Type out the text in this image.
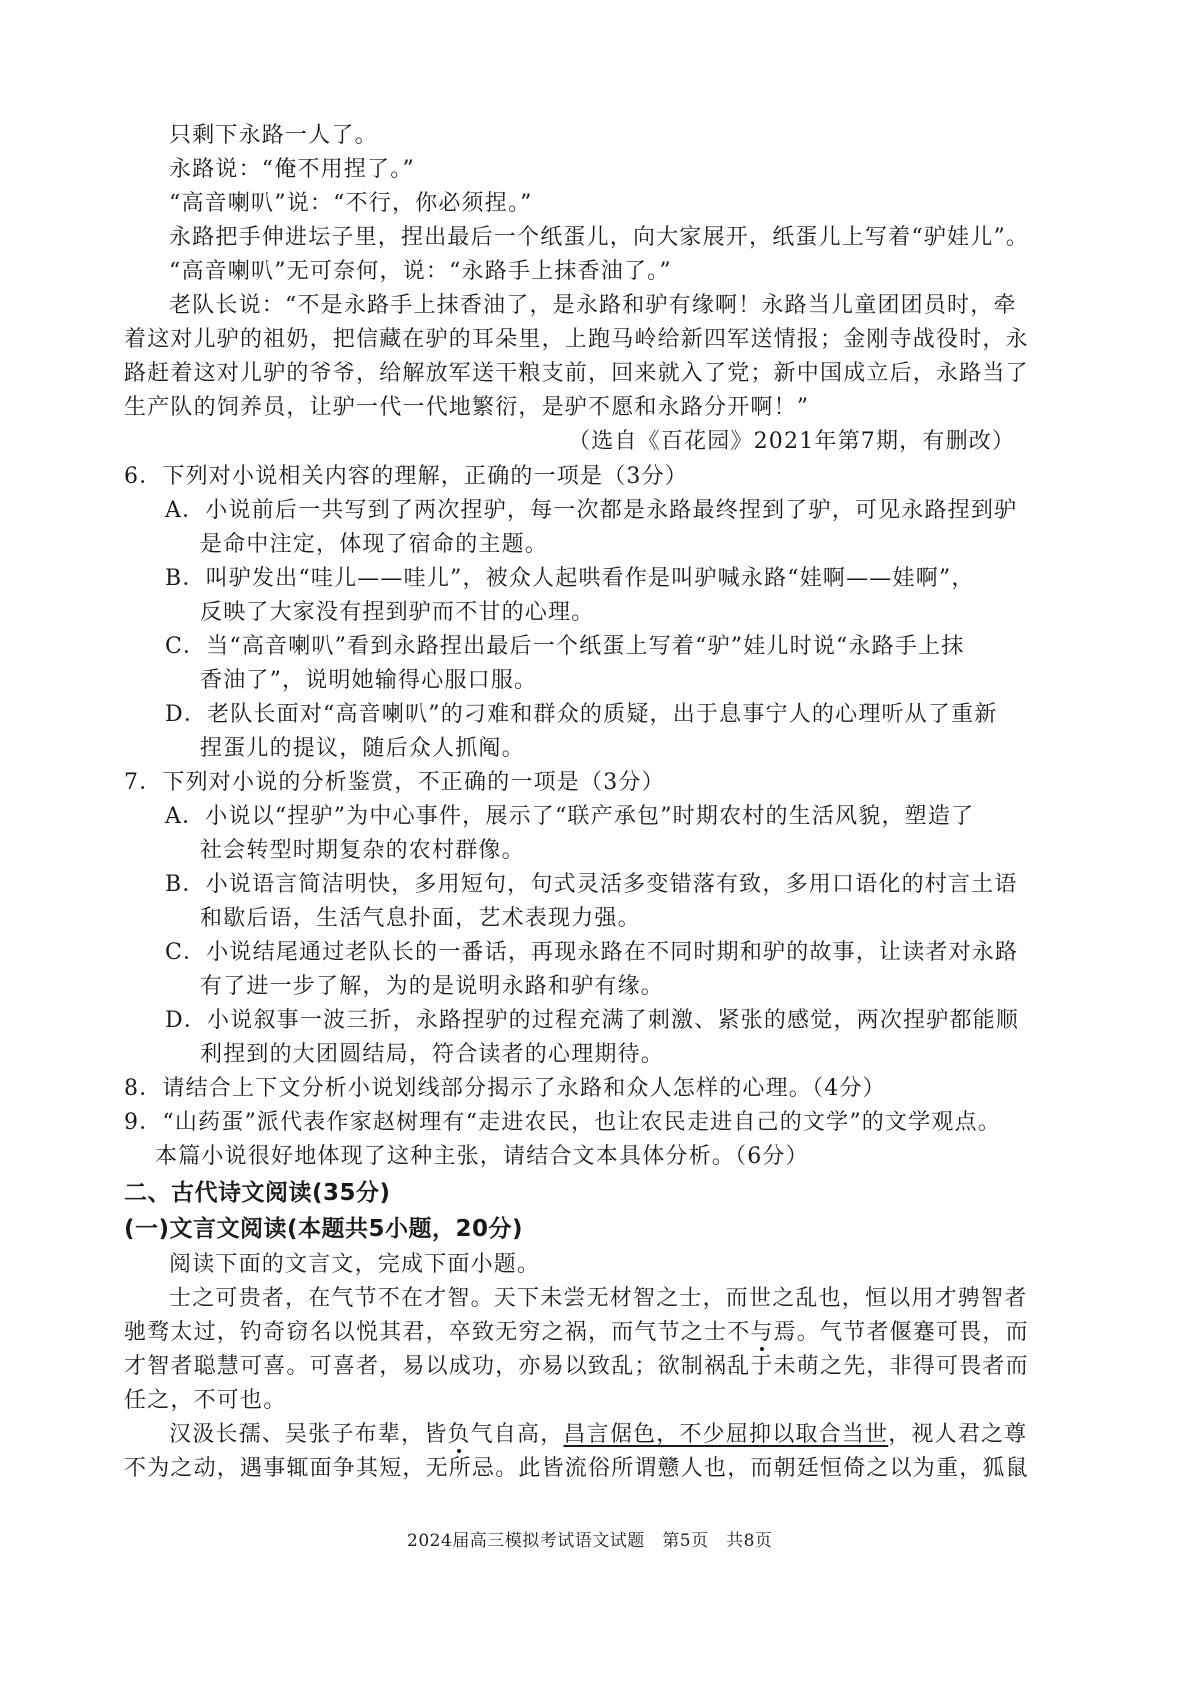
只剩下永路一人了。
永路说：“俺不用捏了。”
“高音喇叭”说：“不行，你必须捏。”
永路把手伸进坛子里，捏出最后一个纸蛋儿，向大家展开，纸蛋儿上写着“驴娃儿”。
“高音喇叭”无可奈何，说：“永路手上抹香油了。”
老队长说：“不是永路手上抹香油了，是永路和驴有缘啊！永路当儿童团团员时，牵
着这对儿驴的祖奶，把信藏在驴的耳朵里，上跑马岭给新四军送情报；金刚寺战役时，永
路赶着这对儿驴的爷爷，给解放军送干粮支前，回来就入了党；新中国成立后，永路当了
生产队的饲养员，让驴一代一代地繁衍，是驴不愿和永路分开啊！”
（选自《百花园》2021年第7期，有删改）
6．下列对小说相关内容的理解，正确的一项是（3分）
A．小说前后一共写到了两次捏驴，每一次都是永路最终捏到了驴，可见永路捏到驴
是命中注定，体现了宿命的主题。
B．叫驴发出“哇儿——哇儿”，被众人起哄看作是叫驴喊永路“娃啊——娃啊”，
反映了大家没有捏到驴而不甘的心理。
C．当“高音喇叭”看到永路捏出最后一个纸蛋上写着“驴”娃儿时说“永路手上抹
香油了”，说明她输得心服口服。
D．老队长面对“高音喇叭”的刁难和群众的质疑，出于息事宁人的心理听从了重新
捏蛋儿的提议，随后众人抓阄。
7．下列对小说的分析鉴赏，不正确的一项是（3分）
A．小说以“捏驴”为中心事件，展示了“联产承包”时期农村的生活风貌，塑造了
社会转型时期复杂的农村群像。
B．小说语言简洁明快，多用短句，句式灵活多变错落有致，多用口语化的村言土语
和歇后语，生活气息扑面，艺术表现力强。
C．小说结尾通过老队长的一番话，再现永路在不同时期和驴的故事，让读者对永路
有了进一步了解，为的是说明永路和驴有缘。
D．小说叙事一波三折，永路捏驴的过程充满了刺激、紧张的感觉，两次捏驴都能顺
利捏到的大团圆结局，符合读者的心理期待。
8．请结合上下文分析小说划线部分揭示了永路和众人怎样的心理。（4分）
9．“山药蛋”派代表作家赵树理有“走进农民，也让农民走进自己的文学”的文学观点。
本篇小说很好地体现了这种主张，请结合文本具体分析。（6分）
二、古代诗文阅读(35分)
(一)文言文阅读(本题共5小题，20分)
阅读下面的文言文，完成下面小题。
士之可贵者，在气节不在才智。天下未尝无材智之士，而世之乱也，恒以用才骋智者
驰骛太过，钓奇窃名以悦其君，卒致无穷之祸，而气节之士不与焉。气节者偃蹇可畏，而
才智者聪慧可喜。可喜者，易以成功，亦易以致乱；欲制祸乱于未萌之先，非得可畏者而
任之，不可也。
汉汲长孺、吴张子布辈，皆负气自高，昌言倨色，不少屈抑以取合当世，视人君之尊
不为之动，遇事辄面争其短，无所忌。此皆流俗所谓戆人也，而朝廷恒倚之以为重，狐鼠
2024届高三模拟考试语文试题　第5页　共8页
